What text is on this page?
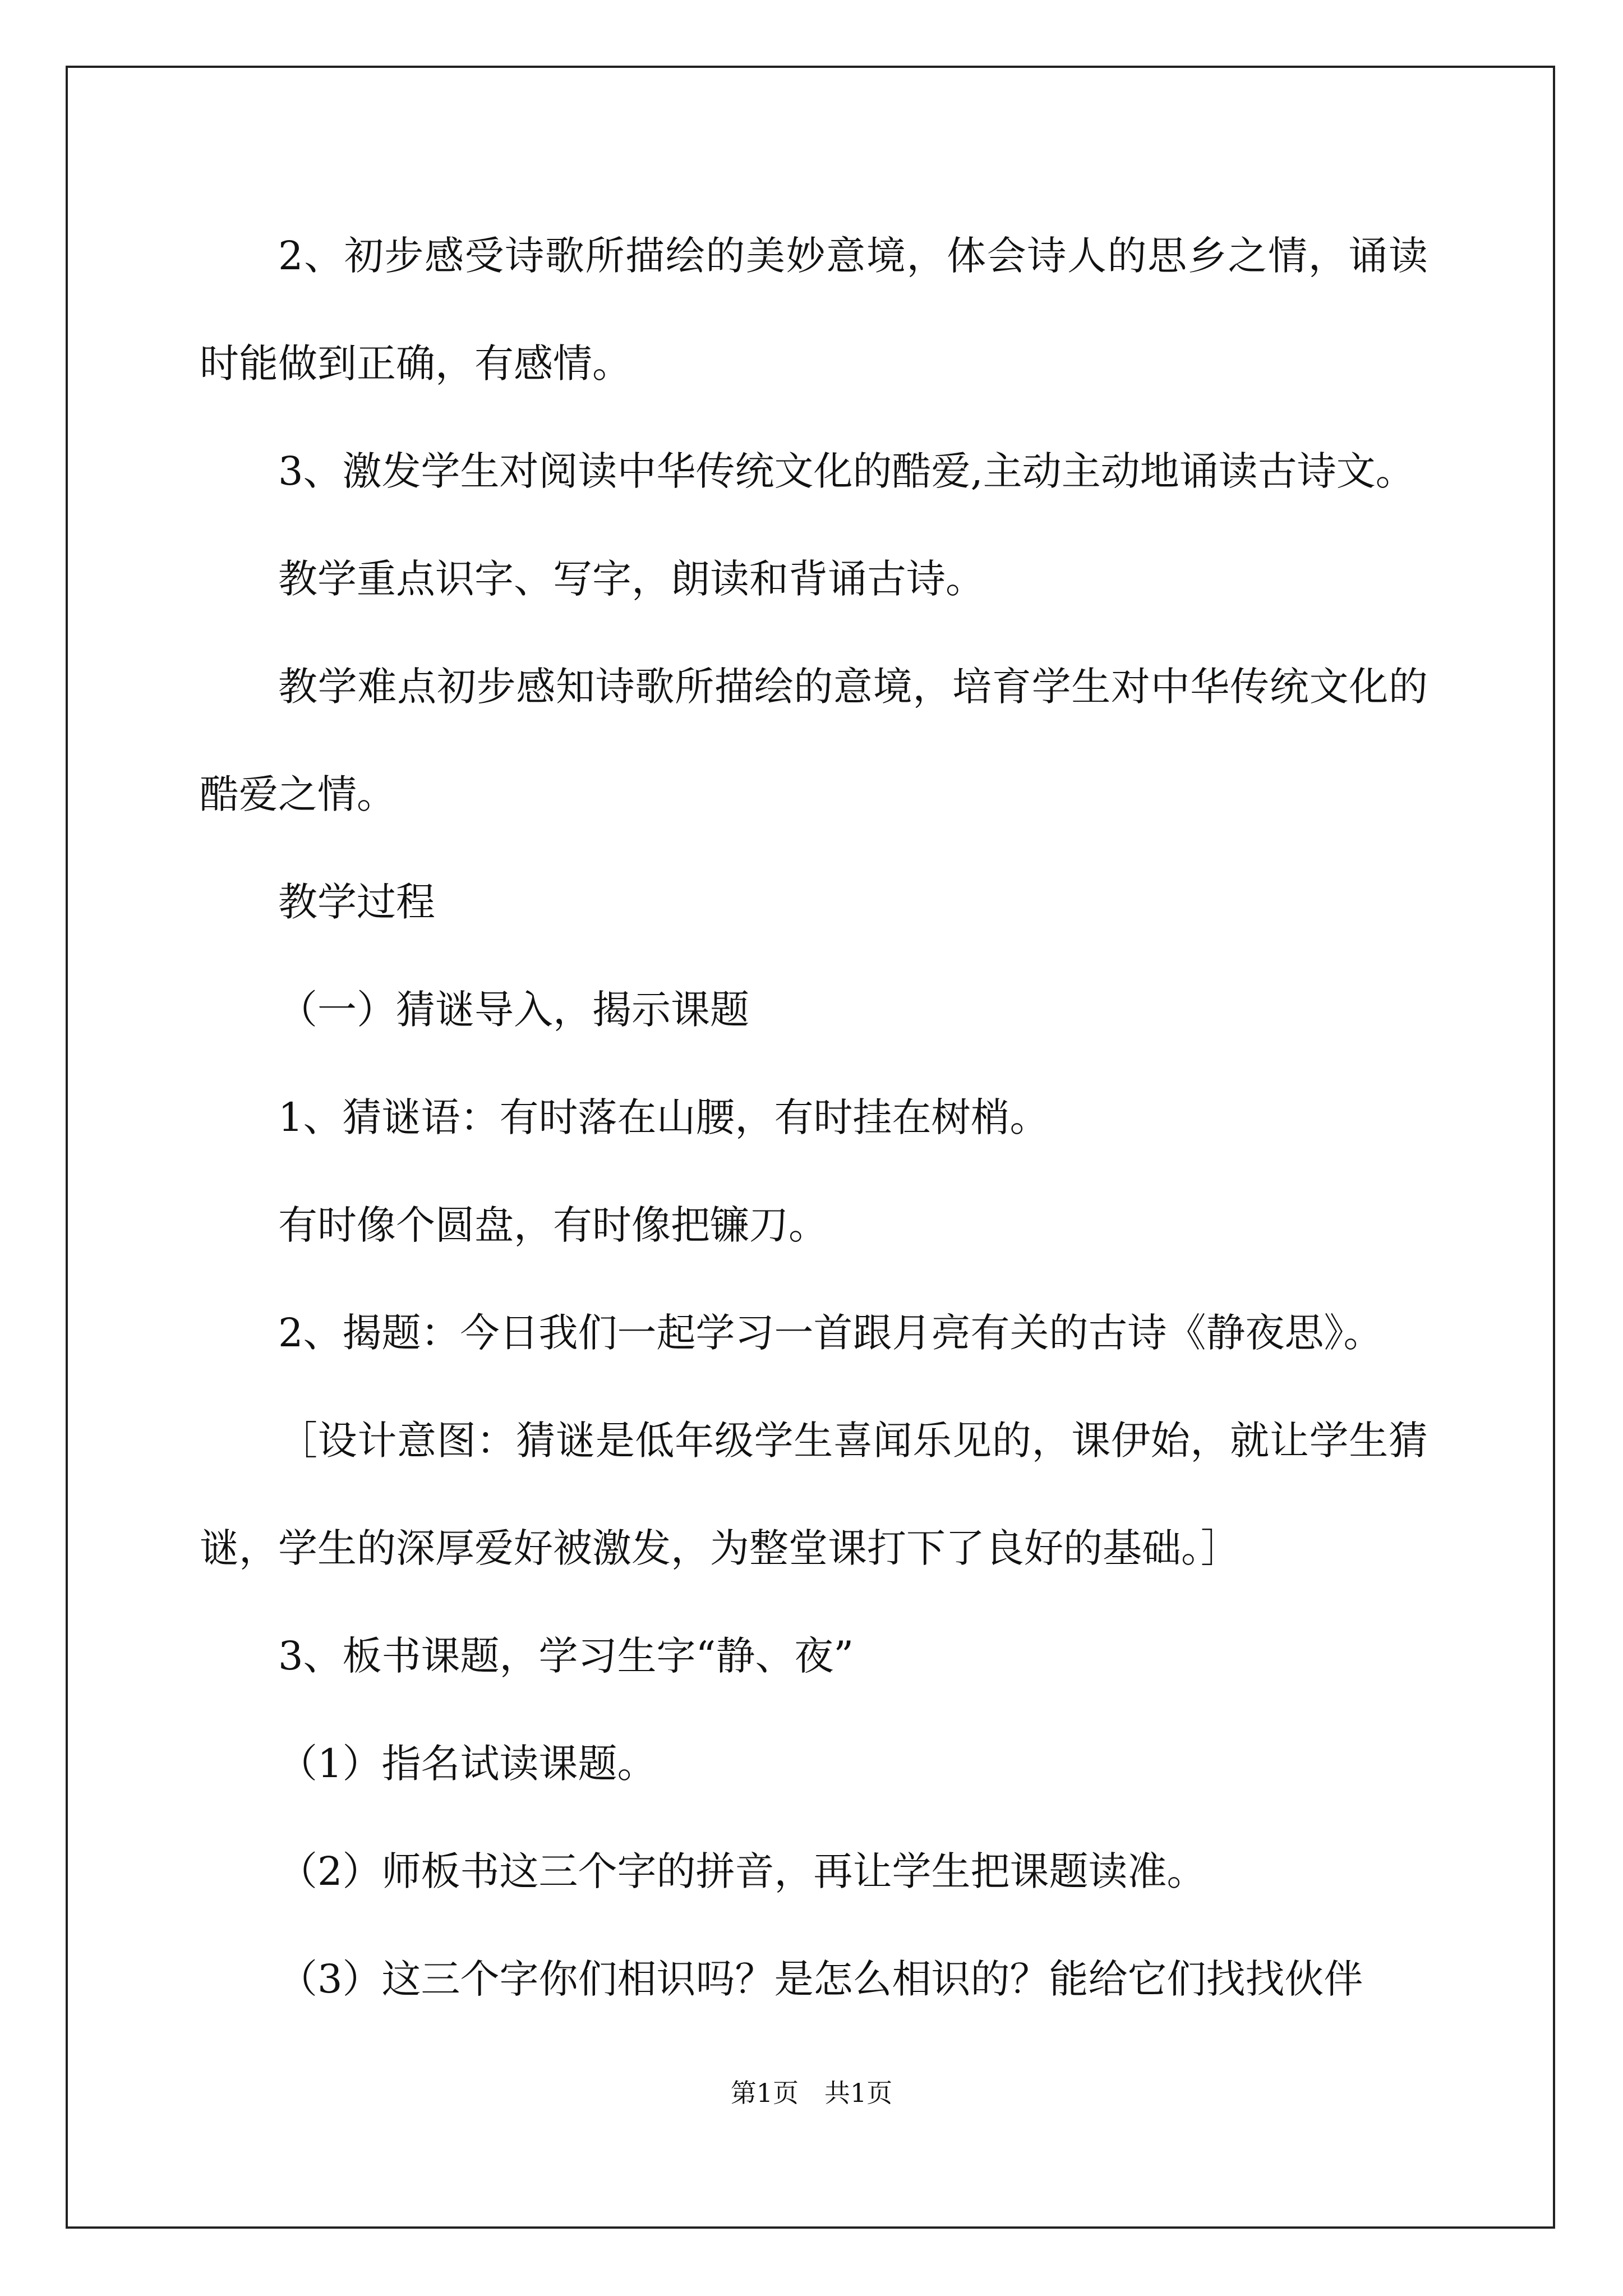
2、初步感受诗歌所描绘的美妙意境，体会诗人的思乡之情，诵读时能做到正确，有感情。

3、激发学生对阅读中华传统文化的酷爱,主动主动地诵读古诗文。

教学重点识字、写字，朗读和背诵古诗。

教学难点初步感知诗歌所描绘的意境，培育学生对中华传统文化的酷爱之情。

教学过程

（一）猜谜导入，揭示课题

1、猜谜语：有时落在山腰，有时挂在树梢。

有时像个圆盘，有时像把镰刀。

2、揭题：今日我们一起学习一首跟月亮有关的古诗《静夜思》。

［设计意图：猜谜是低年级学生喜闻乐见的，课伊始，就让学生猜谜，学生的深厚爱好被激发，为整堂课打下了良好的基础。］

3、板书课题，学习生字“静、夜”

（1）指名试读课题。

（2）师板书这三个字的拼音，再让学生把课题读准。

（3）这三个字你们相识吗？是怎么相识的？能给它们找找伙伴

第1页　共1页
